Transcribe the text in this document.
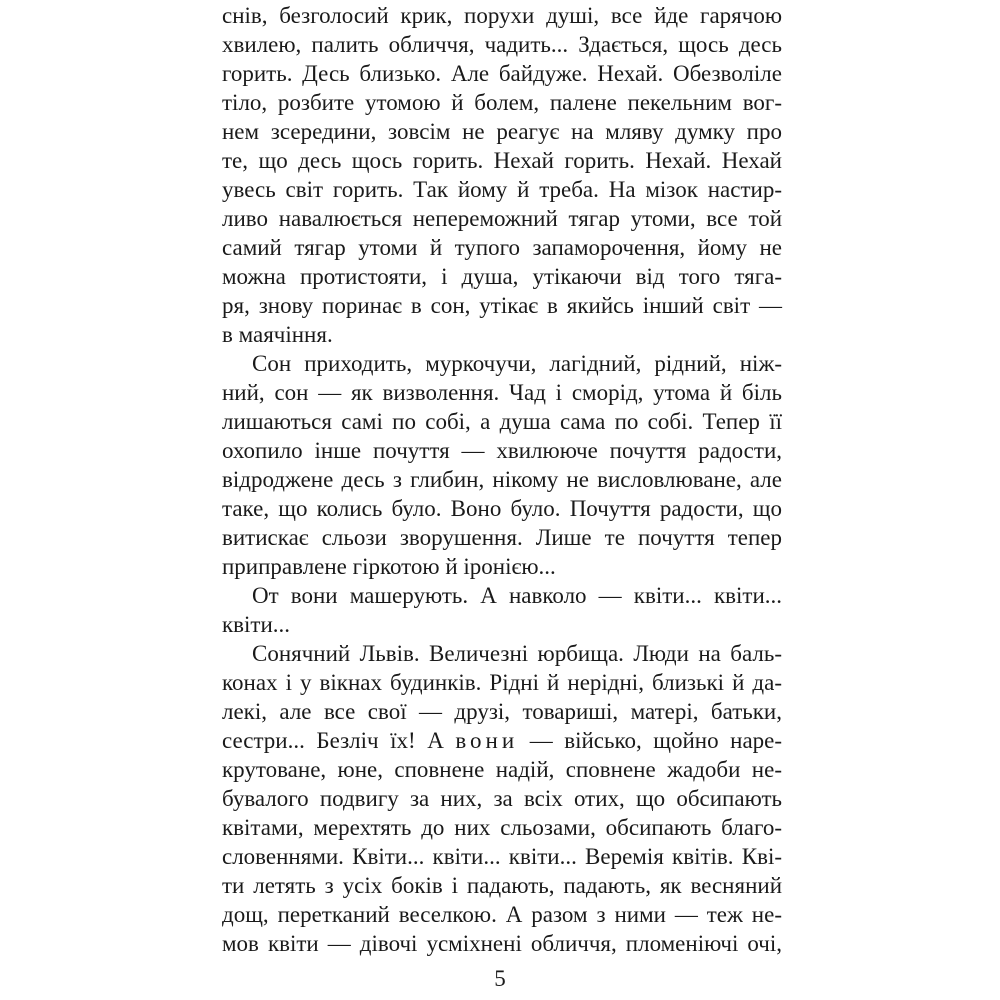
снів, безголосий крик, порухи душі, все йде гарячою
хвилею, палить обличчя, чадить... Здається, щось десь
горить. Десь близько. Але байдуже. Нехай. Обезволіле
тіло, розбите утомою й болем, палене пекельним вог-
нем зсередини, зовсім не реагує на мляву думку про
те, що десь щось горить. Нехай горить. Нехай. Нехай
увесь світ горить. Так йому й треба. На мізок настир-
ливо навалюється непереможний тягар утоми, все той
самий тягар утоми й тупого запаморочення, йому не
можна протистояти, і душа, утікаючи від того тяга-
ря, знову поринає в сон, утікає в якийсь інший світ —
в маячіння.
Сон приходить, муркочучи, лагідний, рідний, ніж-
ний, сон — як визволення. Чад і сморід, утома й біль
лишаються самі по собі, а душа сама по собі. Тепер її
охопило інше почуття — хвилююче почуття радости,
відроджене десь з глибин, нікому не висловлюване, але
таке, що колись було. Воно було. Почуття радости, що
витискає сльози зворушення. Лише те почуття тепер
приправлене гіркотою й іронією...
От вони машерують. А навколо — квіти... квіти...
квіти...
Сонячний Львів. Величезні юрбища. Люди на баль-
конах і у вікнах будинків. Рідні й нерідні, близькі й да-
лекі, але все свої — друзі, товариші, матері, батьки,
сестри... Безліч їх! А вони — військо, щойно наре-
крутоване, юне, сповнене надій, сповнене жадоби не-
бувалого подвигу за них, за всіх отих, що обсипають
квітами, мерехтять до них сльозами, обсипають благо-
словеннями. Квіти... квіти... квіти... Веремія квітів. Кві-
ти летять з усіх боків і падають, падають, як весняний
дощ, перетканий веселкою. А разом з ними — теж не-
мов квіти — дівочі усміхнені обличчя, пломеніючі очі,
5
